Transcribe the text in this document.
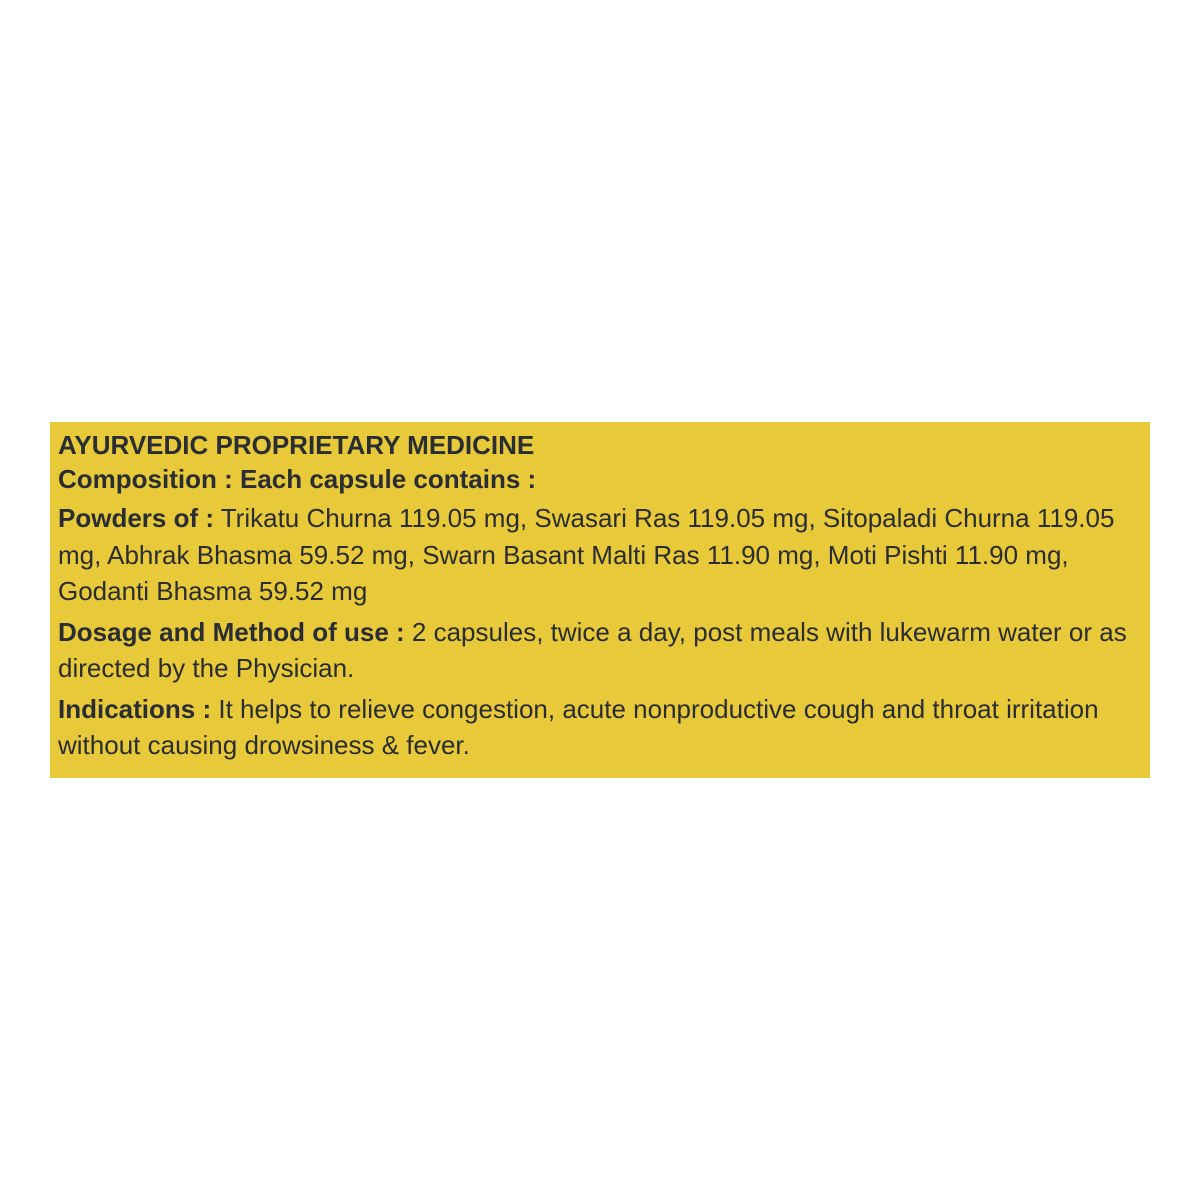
AYURVEDIC PROPRIETARY MEDICINE

Composition : Each capsule contains :

Powders of : Trikatu Churna 119.05 mg, Swasari Ras 119.05 mg, Sitopaladi Churna 119.05 mg, Abhrak Bhasma 59.52 mg, Swarn Basant Malti Ras 11.90 mg, Moti Pishti 11.90 mg, Godanti Bhasma 59.52 mg

Dosage and Method of use : 2 capsules, twice a day, post meals with lukewarm water or as directed by the Physician.

Indications : It helps to relieve congestion, acute nonproductive cough and throat irritation without causing drowsiness & fever.
